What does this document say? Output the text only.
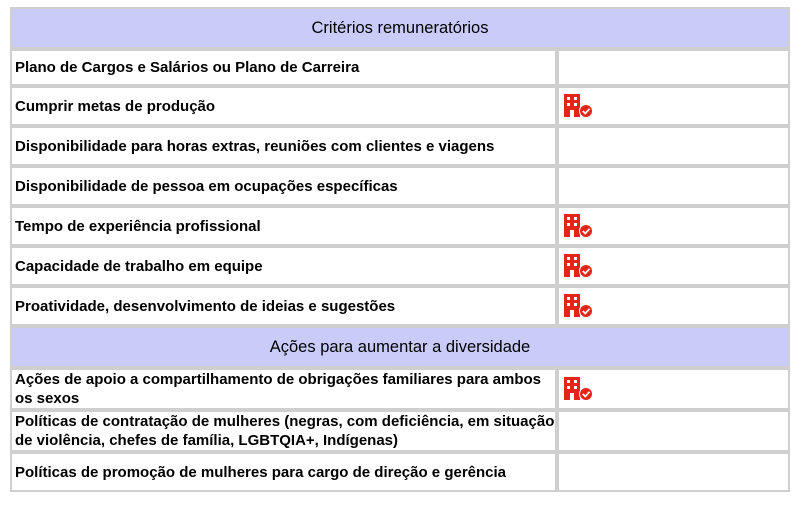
Critérios remuneratórios	
Plano de Cargos e Salários ou Plano de Carreira	
Cumprir metas de produção	
Disponibilidade para horas extras, reuniões com clientes e viagens	
Disponibilidade de pessoa em ocupações específicas	
Tempo de experiência profissional	
Capacidade de trabalho em equipe	
Proatividade, desenvolvimento de ideias e sugestões	
Ações para aumentar a diversidade	
Ações de apoio a compartilhamento de obrigações familiares para ambos os sexos	
Políticas de contratação de mulheres (negras, com deficiência, em situação de violência, chefes de família, LGBTQIA+, Indígenas)	
Políticas de promoção de mulheres para cargo de direção e gerência	
